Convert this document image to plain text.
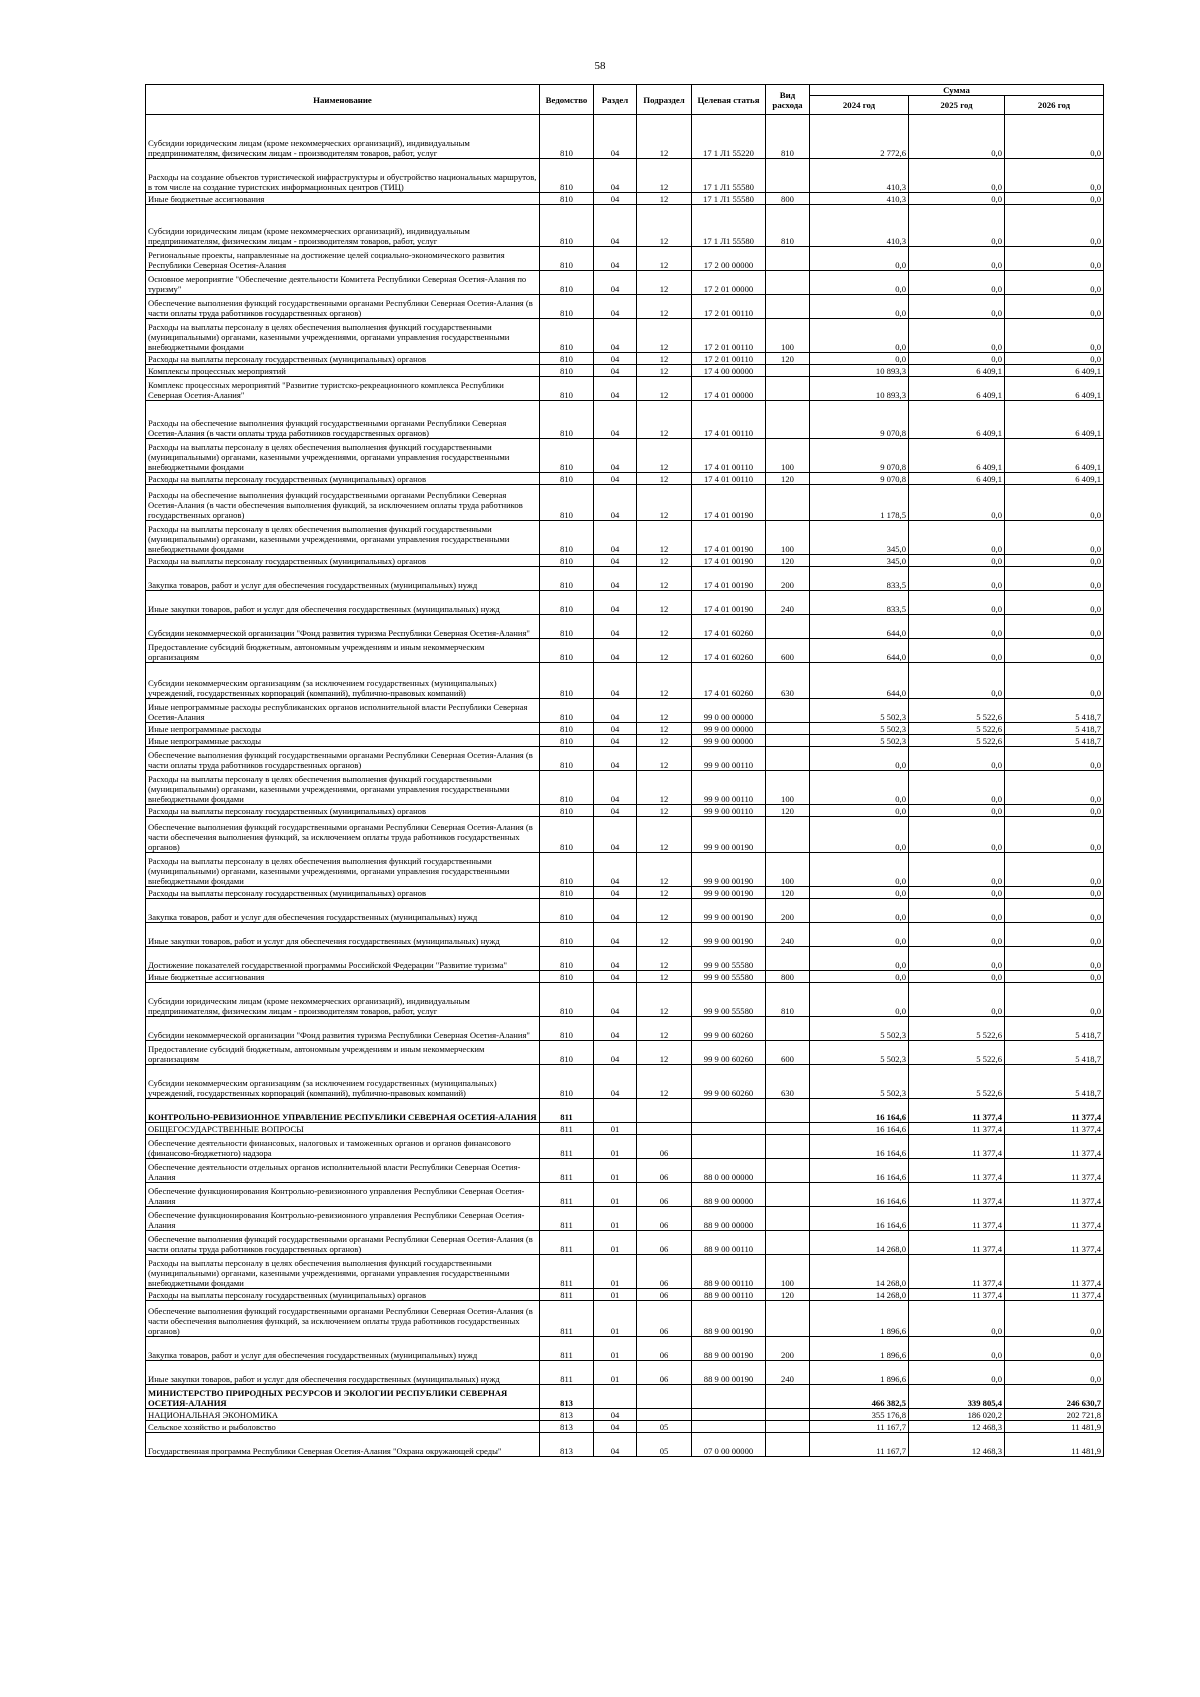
58
Наименование	Ведомство	Раздел	Подраздел	Целевая статья	Вид расхода	Сумма		
						2024 год	2025 год	2026 год
Субсидии юридическим лицам (кроме некоммерческих организаций), индивидуальным предпринимателям, физическим лицам - производителям товаров, работ, услуг	810	04	12	17 1 Л1 55220	810	2 772,6	0,0	0,0
Расходы на создание объектов туристической инфраструктуры и обустройство национальных маршрутов, в том числе на создание туристских информационных центров (ТИЦ)	810	04	12	17 1 Л1 55580		410,3	0,0	0,0
Иные бюджетные ассигнования	810	04	12	17 1 Л1 55580	800	410,3	0,0	0,0
Субсидии юридическим лицам (кроме некоммерческих организаций), индивидуальным предпринимателям, физическим лицам - производителям товаров, работ, услуг	810	04	12	17 1 Л1 55580	810	410,3	0,0	0,0
Региональные проекты, направленные на достижение целей социально-экономического развития Республики Северная Осетия-Алания	810	04	12	17 2 00 00000		0,0	0,0	0,0
Основное мероприятие "Обеспечение деятельности Комитета Республики Северная Осетия-Алания по туризму"	810	04	12	17 2 01 00000		0,0	0,0	0,0
Обеспечение выполнения функций государственными органами Республики Северная Осетия-Алания (в части оплаты труда работников государственных органов)	810	04	12	17 2 01 00110		0,0	0,0	0,0
Расходы на выплаты персоналу в целях обеспечения выполнения функций государственными (муниципальными) органами, казенными учреждениями, органами управления государственными внебюджетными фондами	810	04	12	17 2 01 00110	100	0,0	0,0	0,0
Расходы на выплаты персоналу государственных (муниципальных) органов	810	04	12	17 2 01 00110	120	0,0	0,0	0,0
Комплексы процессных мероприятий	810	04	12	17 4 00 00000		10 893,3	6 409,1	6 409,1
Комплекс процессных мероприятий "Развитие туристско-рекреационного комплекса Республики Северная Осетия-Алания"	810	04	12	17 4 01 00000		10 893,3	6 409,1	6 409,1
Расходы на обеспечение выполнения функций государственными органами Республики Северная Осетия-Алания (в части оплаты труда работников государственных органов)	810	04	12	17 4 01 00110		9 070,8	6 409,1	6 409,1
Расходы на выплаты персоналу в целях обеспечения выполнения функций государственными (муниципальными) органами, казенными учреждениями, органами управления государственными внебюджетными фондами	810	04	12	17 4 01 00110	100	9 070,8	6 409,1	6 409,1
Расходы на выплаты персоналу государственных (муниципальных) органов	810	04	12	17 4 01 00110	120	9 070,8	6 409,1	6 409,1
Расходы на обеспечение выполнения функций государственными органами Республики Северная Осетия-Алания (в части обеспечения выполнения функций, за исключением оплаты труда работников государственных органов)	810	04	12	17 4 01 00190		1 178,5	0,0	0,0
Расходы на выплаты персоналу в целях обеспечения выполнения функций государственными (муниципальными) органами, казенными учреждениями, органами управления государственными внебюджетными фондами	810	04	12	17 4 01 00190	100	345,0	0,0	0,0
Расходы на выплаты персоналу государственных (муниципальных) органов	810	04	12	17 4 01 00190	120	345,0	0,0	0,0
Закупка товаров, работ и услуг для обеспечения государственных (муниципальных) нужд	810	04	12	17 4 01 00190	200	833,5	0,0	0,0
Иные закупки товаров, работ и услуг для обеспечения государственных (муниципальных) нужд	810	04	12	17 4 01 00190	240	833,5	0,0	0,0
Субсидии некоммерческой организации "Фонд развития туризма Республики Северная Осетия-Алания"	810	04	12	17 4 01 60260		644,0	0,0	0,0
Предоставление субсидий бюджетным, автономным учреждениям и иным некоммерческим организациям	810	04	12	17 4 01 60260	600	644,0	0,0	0,0
Субсидии некоммерческим организациям (за исключением государственных (муниципальных) учреждений, государственных корпораций (компаний), публично-правовых компаний)	810	04	12	17 4 01 60260	630	644,0	0,0	0,0
Иные непрограммные расходы республиканских органов исполнительной власти Республики Северная Осетия-Алания	810	04	12	99 0 00 00000		5 502,3	5 522,6	5 418,7
Иные непрограммные расходы	810	04	12	99 9 00 00000		5 502,3	5 522,6	5 418,7
Иные непрограммные расходы	810	04	12	99 9 00 00000		5 502,3	5 522,6	5 418,7
Обеспечение выполнения функций государственными органами Республики Северная Осетия-Алания (в части оплаты труда работников государственных органов)	810	04	12	99 9 00 00110		0,0	0,0	0,0
Расходы на выплаты персоналу в целях обеспечения выполнения функций государственными (муниципальными) органами, казенными учреждениями, органами управления государственными внебюджетными фондами	810	04	12	99 9 00 00110	100	0,0	0,0	0,0
Расходы на выплаты персоналу государственных (муниципальных) органов	810	04	12	99 9 00 00110	120	0,0	0,0	0,0
Обеспечение выполнения функций государственными органами Республики Северная Осетия-Алания (в части обеспечения выполнения функций, за исключением оплаты труда работников государственных органов)	810	04	12	99 9 00 00190		0,0	0,0	0,0
Расходы на выплаты персоналу в целях обеспечения выполнения функций государственными (муниципальными) органами, казенными учреждениями, органами управления государственными внебюджетными фондами	810	04	12	99 9 00 00190	100	0,0	0,0	0,0
Расходы на выплаты персоналу государственных (муниципальных) органов	810	04	12	99 9 00 00190	120	0,0	0,0	0,0
Закупка товаров, работ и услуг для обеспечения государственных (муниципальных) нужд	810	04	12	99 9 00 00190	200	0,0	0,0	0,0
Иные закупки товаров, работ и услуг для обеспечения государственных (муниципальных) нужд	810	04	12	99 9 00 00190	240	0,0	0,0	0,0
Достижение показателей государственной программы Российской Федерации "Развитие туризма"	810	04	12	99 9 00 55580		0,0	0,0	0,0
Иные бюджетные ассигнования	810	04	12	99 9 00 55580	800	0,0	0,0	0,0
Субсидии юридическим лицам (кроме некоммерческих организаций), индивидуальным предпринимателям, физическим лицам - производителям товаров, работ, услуг	810	04	12	99 9 00 55580	810	0,0	0,0	0,0
Субсидии некоммерческой организации "Фонд развития туризма Республики Северная Осетия-Алания"	810	04	12	99 9 00 60260		5 502,3	5 522,6	5 418,7
Предоставление субсидий бюджетным, автономным учреждениям и иным некоммерческим организациям	810	04	12	99 9 00 60260	600	5 502,3	5 522,6	5 418,7
Субсидии некоммерческим организациям (за исключением государственных (муниципальных) учреждений, государственных корпораций (компаний), публично-правовых компаний)	810	04	12	99 9 00 60260	630	5 502,3	5 522,6	5 418,7
КОНТРОЛЬНО-РЕВИЗИОННОЕ УПРАВЛЕНИЕ РЕСПУБЛИКИ СЕВЕРНАЯ ОСЕТИЯ-АЛАНИЯ	811					16 164,6	11 377,4	11 377,4
ОБЩЕГОСУДАРСТВЕННЫЕ ВОПРОСЫ	811	01				16 164,6	11 377,4	11 377,4
Обеспечение деятельности финансовых, налоговых и таможенных органов и органов финансового (финансово-бюджетного) надзора	811	01	06			16 164,6	11 377,4	11 377,4
Обеспечение деятельности отдельных органов исполнительной власти Республики Северная Осетия-Алания	811	01	06	88 0 00 00000		16 164,6	11 377,4	11 377,4
Обеспечение функционирования Контрольно-ревизионного управления Республики Северная Осетия-Алания	811	01	06	88 9 00 00000		16 164,6	11 377,4	11 377,4
Обеспечение функционирования Контрольно-ревизионного управления Республики Северная Осетия-Алания	811	01	06	88 9 00 00000		16 164,6	11 377,4	11 377,4
Обеспечение выполнения функций государственными органами Республики Северная Осетия-Алания (в части оплаты труда работников государственных органов)	811	01	06	88 9 00 00110		14 268,0	11 377,4	11 377,4
Расходы на выплаты персоналу в целях обеспечения выполнения функций государственными (муниципальными) органами, казенными учреждениями, органами управления государственными внебюджетными фондами	811	01	06	88 9 00 00110	100	14 268,0	11 377,4	11 377,4
Расходы на выплаты персоналу государственных (муниципальных) органов	811	01	06	88 9 00 00110	120	14 268,0	11 377,4	11 377,4
Обеспечение выполнения функций государственными органами Республики Северная Осетия-Алания (в части обеспечения выполнения функций, за исключением оплаты труда работников государственных органов)	811	01	06	88 9 00 00190		1 896,6	0,0	0,0
Закупка товаров, работ и услуг для обеспечения государственных (муниципальных) нужд	811	01	06	88 9 00 00190	200	1 896,6	0,0	0,0
Иные закупки товаров, работ и услуг для обеспечения государственных (муниципальных) нужд	811	01	06	88 9 00 00190	240	1 896,6	0,0	0,0
МИНИСТЕРСТВО ПРИРОДНЫХ РЕСУРСОВ И ЭКОЛОГИИ РЕСПУБЛИКИ СЕВЕРНАЯ ОСЕТИЯ-АЛАНИЯ	813					466 382,5	339 805,4	246 630,7
НАЦИОНАЛЬНАЯ ЭКОНОМИКА	813	04				355 176,8	186 020,2	202 721,8
Сельское хозяйство и рыболовство	813	04	05			11 167,7	12 468,3	11 481,9
Государственная программа Республики Северная Осетия-Алания "Охрана окружающей среды"	813	04	05	07 0 00 00000		11 167,7	12 468,3	11 481,9
